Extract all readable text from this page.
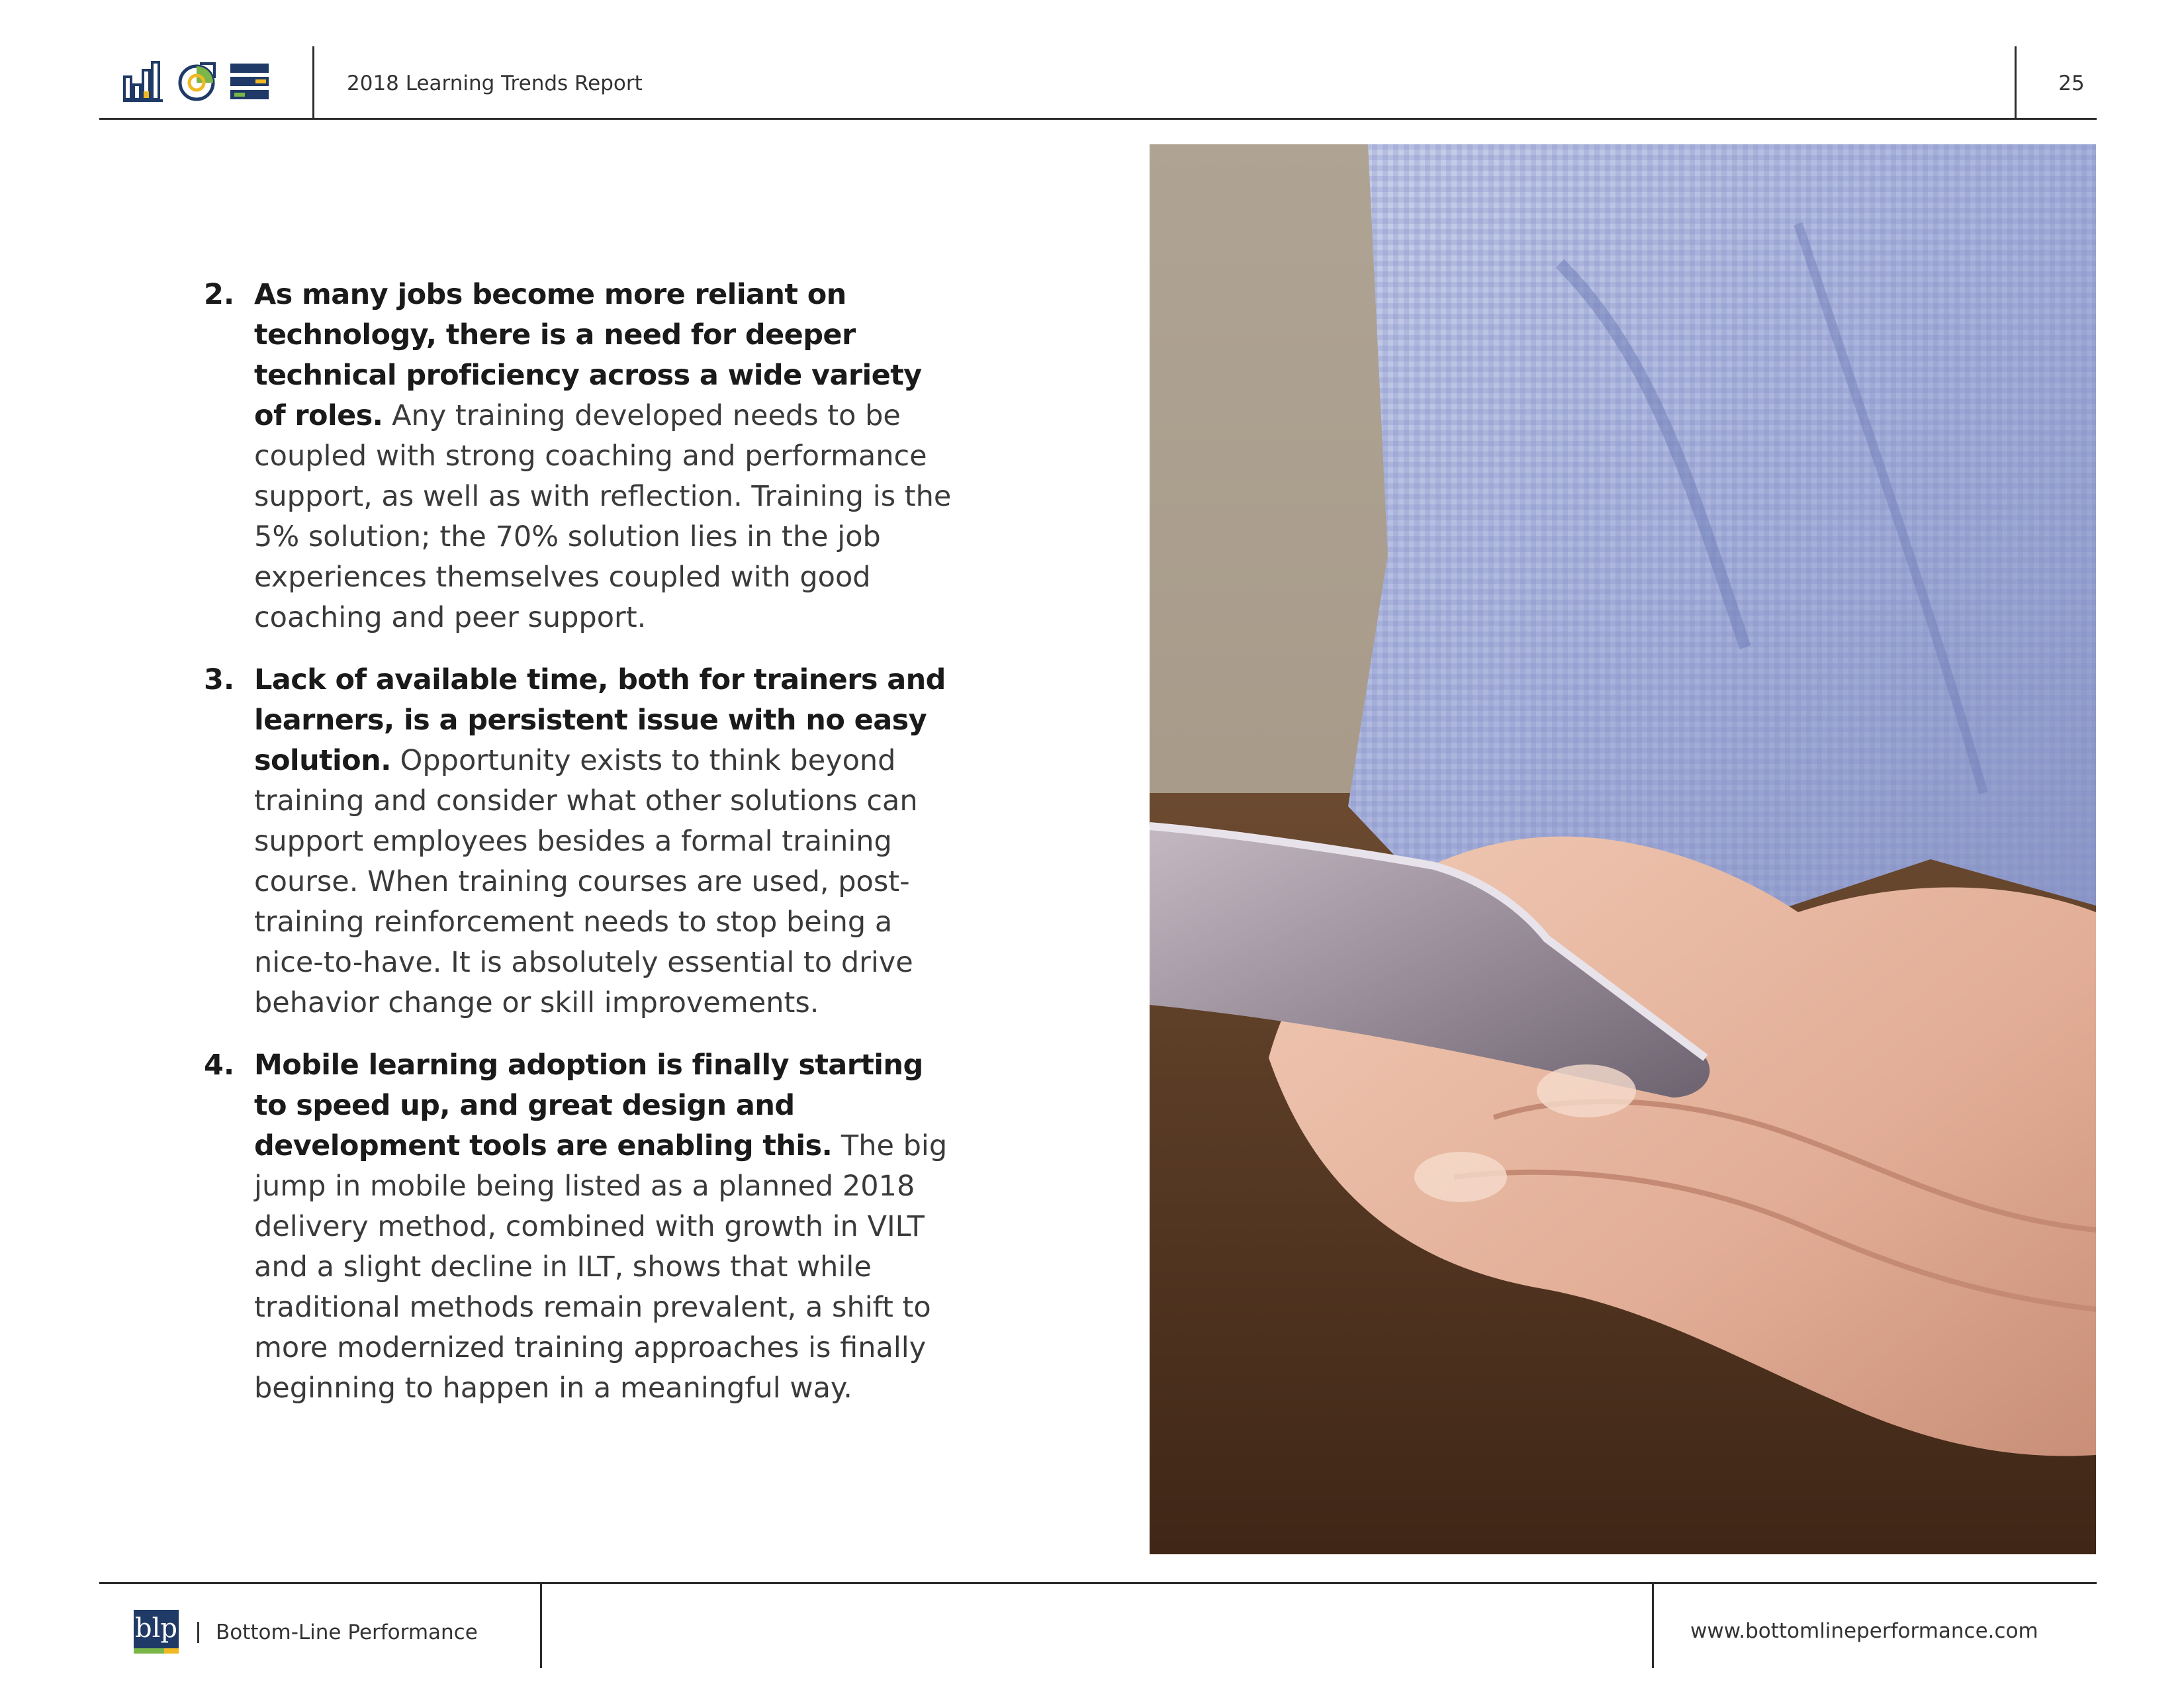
2018 Learning Trends Report	25
2. As many jobs become more reliant on technology, there is a need for deeper technical proficiency across a wide variety of roles. Any training developed needs to be coupled with strong coaching and performance support, as well as with reflection. Training is the 5% solution; the 70% solution lies in the job experiences themselves coupled with good coaching and peer support.
3. Lack of available time, both for trainers and learners, is a persistent issue with no easy solution. Opportunity exists to think beyond training and consider what other solutions can support employees besides a formal training course. When training courses are used, post-training reinforcement needs to stop being a nice-to-have. It is absolutely essential to drive behavior change or skill improvements.
4. Mobile learning adoption is finally starting to speed up, and great design and development tools are enabling this. The big jump in mobile being listed as a planned 2018 delivery method, combined with growth in VILT and a slight decline in ILT, shows that while traditional methods remain prevalent, a shift to more modernized training approaches is finally beginning to happen in a meaningful way.
blp Bottom-Line Performance	www.bottomlineperformance.com
